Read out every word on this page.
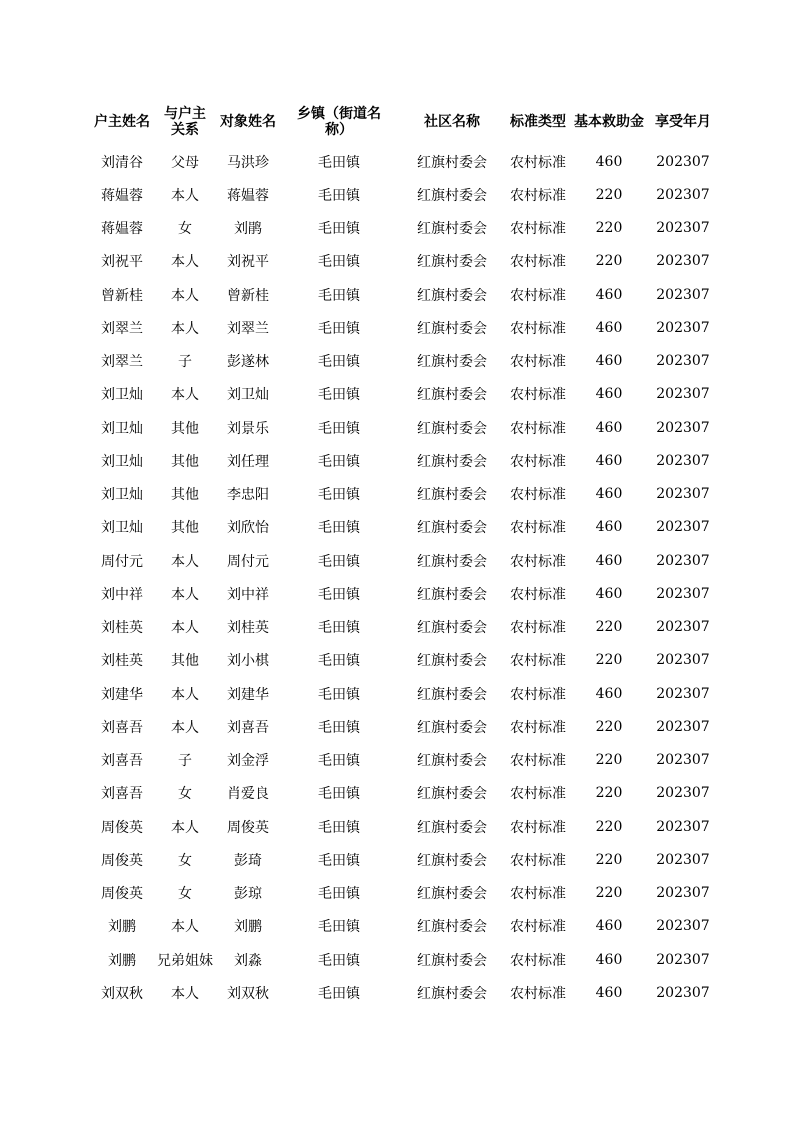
户主姓名	与户主关系	对象姓名	乡镇（街道名称）	社区名称	标准类型	基本救助金	享受年月
刘清谷	父母	马洪珍	毛田镇	红旗村委会	农村标准	460	202307
蒋媪蓉	本人	蒋媪蓉	毛田镇	红旗村委会	农村标准	220	202307
蒋媪蓉	女	刘鹃	毛田镇	红旗村委会	农村标准	220	202307
刘祝平	本人	刘祝平	毛田镇	红旗村委会	农村标准	220	202307
曾新桂	本人	曾新桂	毛田镇	红旗村委会	农村标准	460	202307
刘翠兰	本人	刘翠兰	毛田镇	红旗村委会	农村标准	460	202307
刘翠兰	子	彭遂林	毛田镇	红旗村委会	农村标准	460	202307
刘卫灿	本人	刘卫灿	毛田镇	红旗村委会	农村标准	460	202307
刘卫灿	其他	刘景乐	毛田镇	红旗村委会	农村标准	460	202307
刘卫灿	其他	刘任理	毛田镇	红旗村委会	农村标准	460	202307
刘卫灿	其他	李忠阳	毛田镇	红旗村委会	农村标准	460	202307
刘卫灿	其他	刘欣怡	毛田镇	红旗村委会	农村标准	460	202307
周付元	本人	周付元	毛田镇	红旗村委会	农村标准	460	202307
刘中祥	本人	刘中祥	毛田镇	红旗村委会	农村标准	460	202307
刘桂英	本人	刘桂英	毛田镇	红旗村委会	农村标准	220	202307
刘桂英	其他	刘小棋	毛田镇	红旗村委会	农村标准	220	202307
刘建华	本人	刘建华	毛田镇	红旗村委会	农村标准	460	202307
刘喜吾	本人	刘喜吾	毛田镇	红旗村委会	农村标准	220	202307
刘喜吾	子	刘金浮	毛田镇	红旗村委会	农村标准	220	202307
刘喜吾	女	肖爱良	毛田镇	红旗村委会	农村标准	220	202307
周俊英	本人	周俊英	毛田镇	红旗村委会	农村标准	220	202307
周俊英	女	彭琦	毛田镇	红旗村委会	农村标准	220	202307
周俊英	女	彭琼	毛田镇	红旗村委会	农村标准	220	202307
刘鹏	本人	刘鹏	毛田镇	红旗村委会	农村标准	460	202307
刘鹏	兄弟姐妹	刘淼	毛田镇	红旗村委会	农村标准	460	202307
刘双秋	本人	刘双秋	毛田镇	红旗村委会	农村标准	460	202307
